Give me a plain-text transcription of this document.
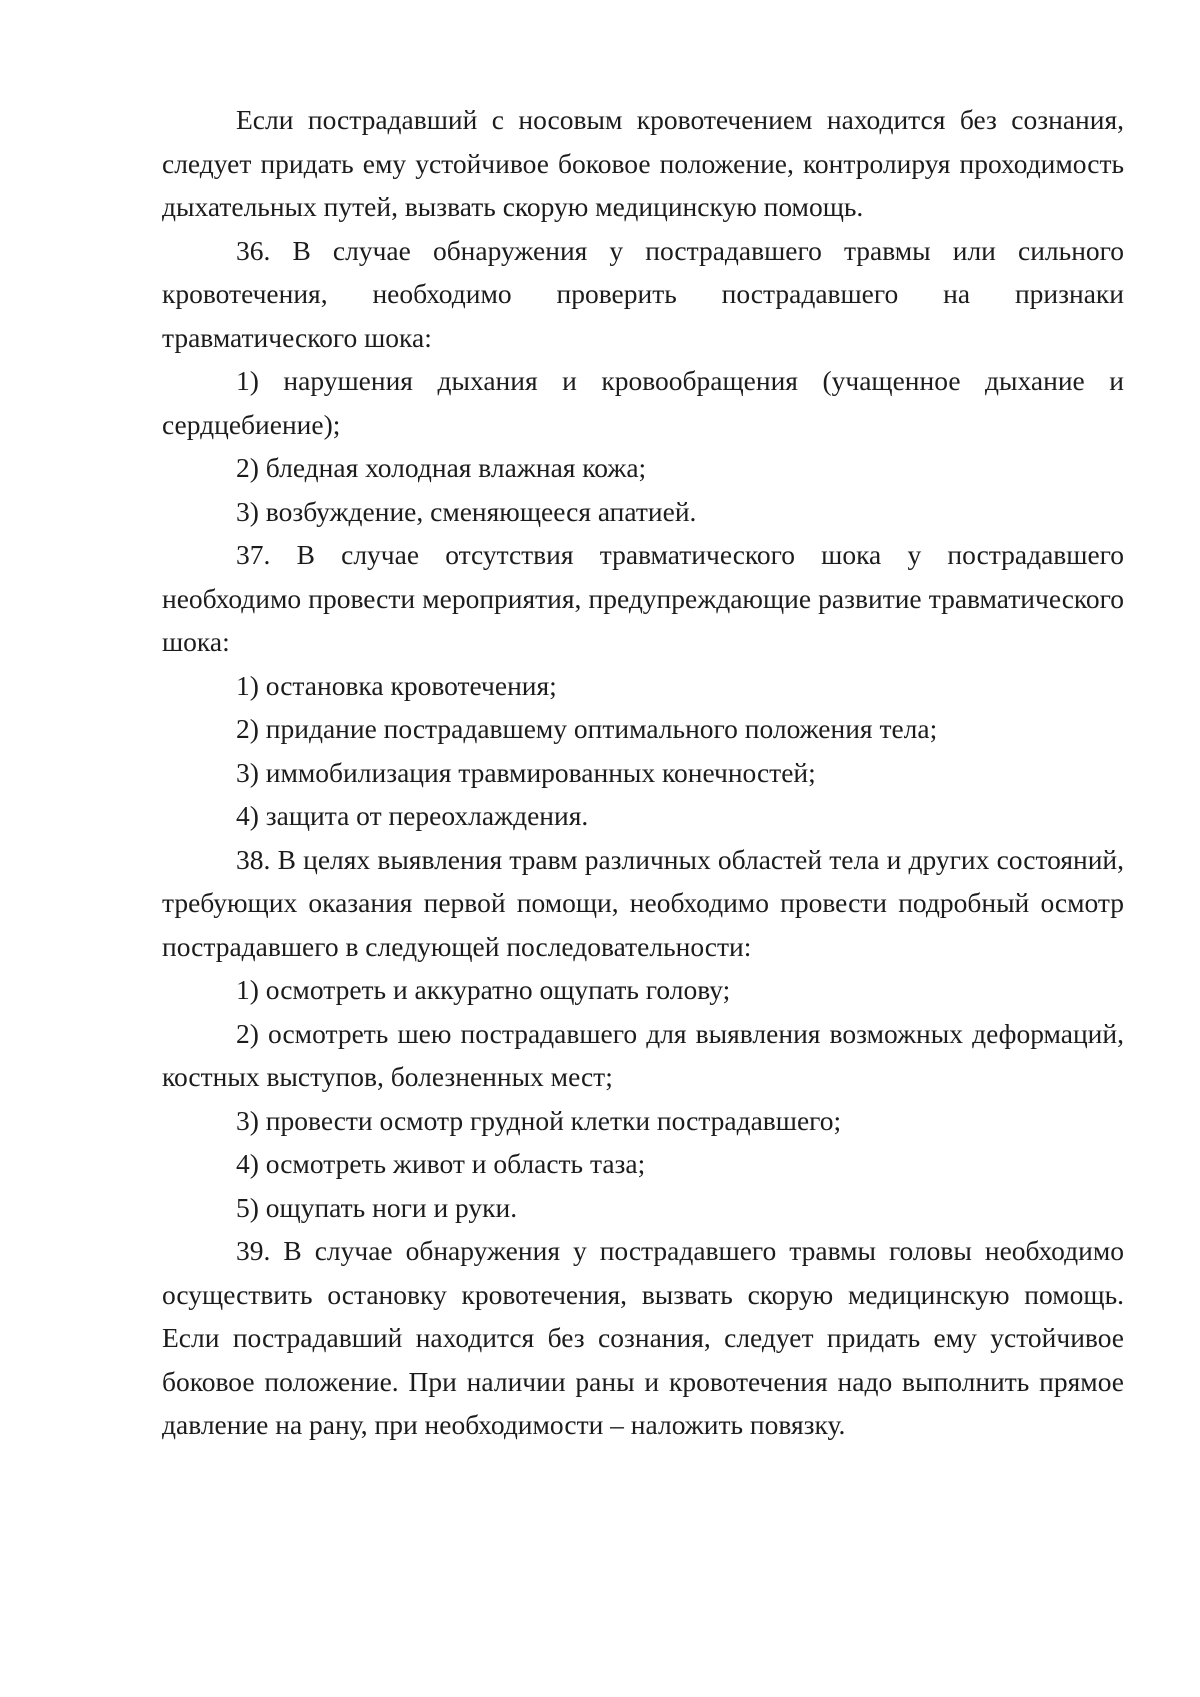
Если пострадавший с носовым кровотечением находится без сознания, следует придать ему устойчивое боковое положение, контролируя проходимость дыхательных путей, вызвать скорую медицинскую помощь.

36. В случае обнаружения у пострадавшего травмы или сильного кровотечения, необходимо проверить пострадавшего на признаки травматического шока:

1) нарушения дыхания и кровообращения (учащенное дыхание и сердцебиение);

2) бледная холодная влажная кожа;

3) возбуждение, сменяющееся апатией.

37. В случае отсутствия травматического шока у пострадавшего необходимо провести мероприятия, предупреждающие развитие травматического шока:

1) остановка кровотечения;

2) придание пострадавшему оптимального положения тела;

3) иммобилизация травмированных конечностей;

4) защита от переохлаждения.

38. В целях выявления травм различных областей тела и других состояний, требующих оказания первой помощи, необходимо провести подробный осмотр пострадавшего в следующей последовательности:

1) осмотреть и аккуратно ощупать голову;

2) осмотреть шею пострадавшего для выявления возможных деформаций, костных выступов, болезненных мест;

3) провести осмотр грудной клетки пострадавшего;

4) осмотреть живот и область таза;

5) ощупать ноги и руки.

39. В случае обнаружения у пострадавшего травмы головы необходимо осуществить остановку кровотечения, вызвать скорую медицинскую помощь. Если пострадавший находится без сознания, следует придать ему устойчивое боковое положение. При наличии раны и кровотечения надо выполнить прямое давление на рану, при необходимости – наложить повязку.
